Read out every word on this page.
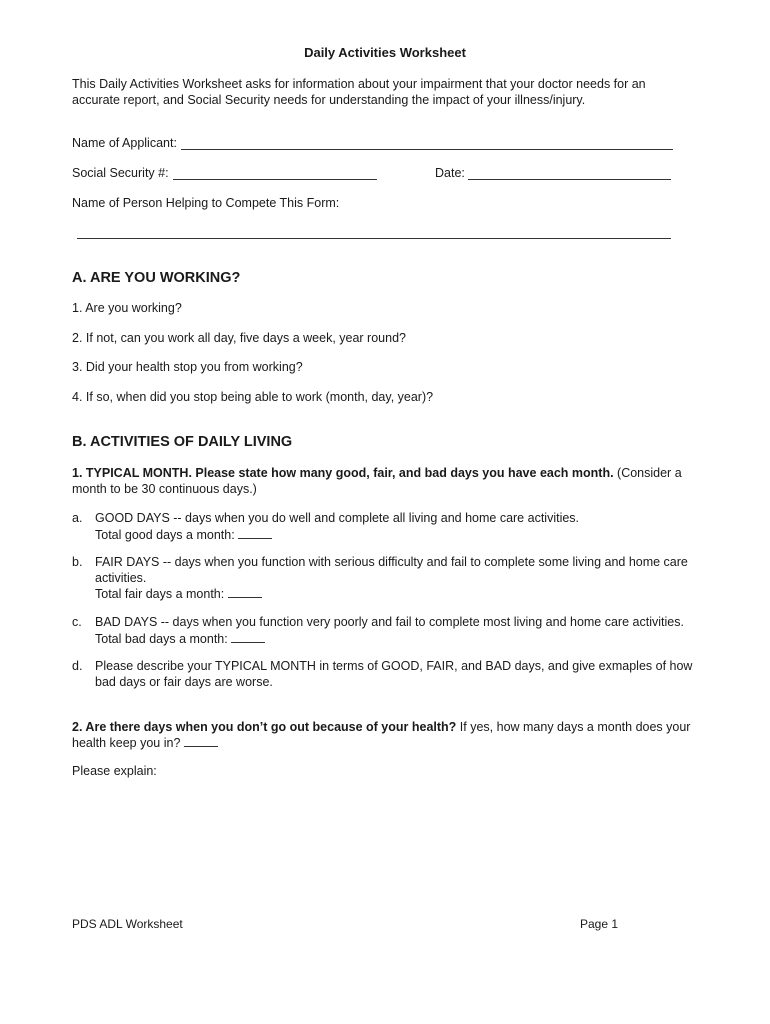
Daily Activities Worksheet
This Daily Activities Worksheet asks for information about your impairment that your doctor needs for an accurate report, and Social Security needs for understanding the impact of your illness/injury.
Name of Applicant:
Social Security #:	Date:
Name of Person Helping to Compete This Form:
A. ARE YOU WORKING?
1. Are you working?
2. If not, can you work all day, five days a week, year round?
3. Did your health stop you from working?
4. If so, when did you stop being able to work (month, day, year)?
B. ACTIVITIES OF DAILY LIVING
1. TYPICAL MONTH. Please state how many good, fair, and bad days you have each month. (Consider a month to be 30 continuous days.)
a. GOOD DAYS -- days when you do well and complete all living and home care activities.
Total good days a month:
b. FAIR DAYS -- days when you function with serious difficulty and fail to complete some living and home care activities.
Total fair days a month:
c. BAD DAYS -- days when you function very poorly and fail to complete most living and home care activities.
Total bad days a month:
d. Please describe your TYPICAL MONTH in terms of GOOD, FAIR, and BAD days, and give exmaples of how bad days or fair days are worse.
2. Are there days when you don’t go out because of your health? If yes, how many days a month does your health keep you in?
Please explain:
PDS ADL Worksheet	Page 1
